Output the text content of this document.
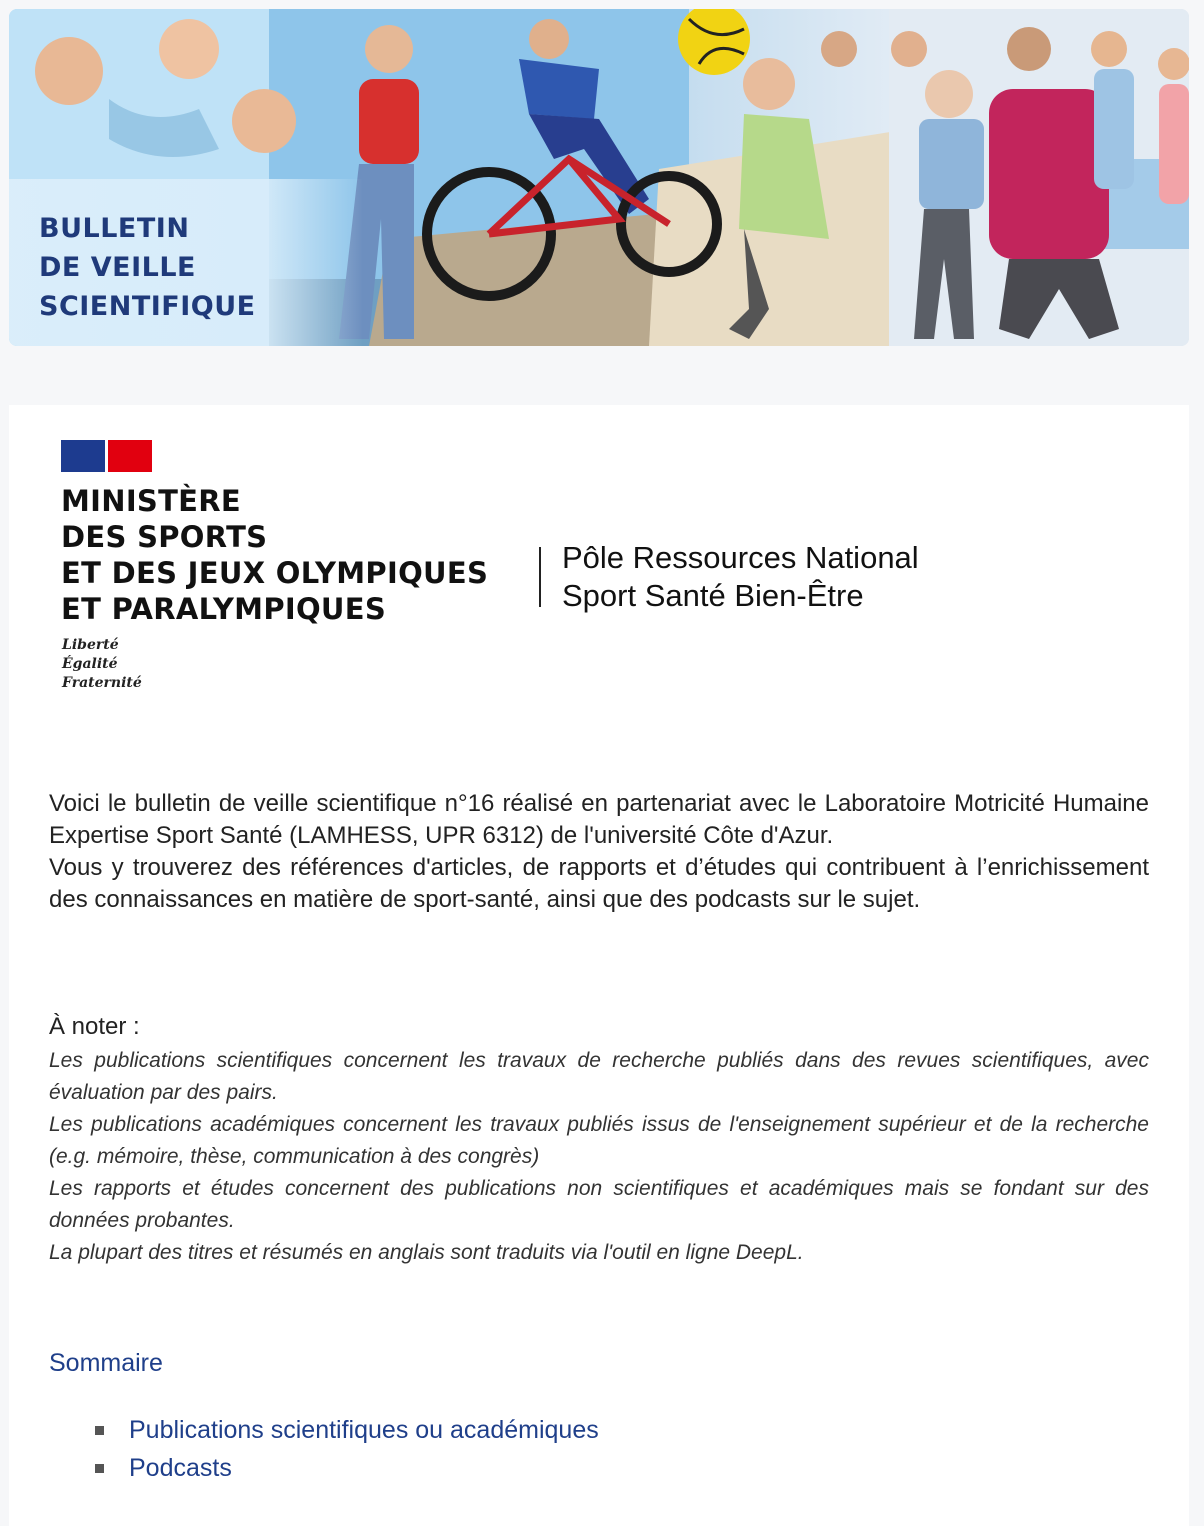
BULLETIN
DE VEILLE
SCIENTIFIQUE
MINISTÈRE
DES SPORTS
ET DES JEUX OLYMPIQUES
ET PARALYMPIQUES
Liberté
Égalité
Fraternité
Pôle Ressources National
Sport Santé Bien-Être

Voici le bulletin de veille scientifique n°16 réalisé en partenariat avec le Laboratoire Motricité Humaine Expertise Sport Santé (LAMHESS, UPR 6312) de l'université Côte d'Azur.

Vous y trouverez des références d'articles, de rapports et d’études qui contribuent à l’enrichissement des connaissances en matière de sport-santé, ainsi que des podcasts sur le sujet.

À noter :

Les publications scientifiques concernent les travaux de recherche publiés dans des revues scientifiques, avec évaluation par des pairs.

Les publications académiques concernent les travaux publiés issus de l'enseignement supérieur et de la recherche (e.g. mémoire, thèse, communication à des congrès)

Les rapports et études concernent des publications non scientifiques et académiques mais se fondant sur des données probantes.

La plupart des titres et résumés en anglais sont traduits via l'outil en ligne DeepL.

Sommaire
Publications scientifiques ou académiques
Podcasts
